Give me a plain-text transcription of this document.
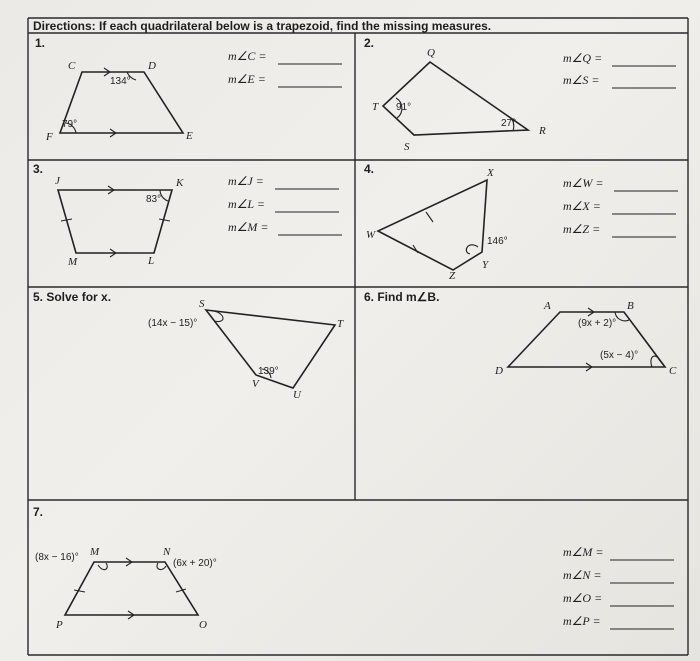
Directions: If each quadrilateral below is a trapezoid, find the missing measures.
1.
C	D
E
F
134°
79°
m∠C =
m∠E =
2.
Q
T
S
R
91°
27°
m∠Q =
m∠S =
3.
J	K
L
M
83°
m∠J =
m∠L =
m∠M =
4.	X
W
Z
Y
146°
m∠W =
m∠X =
m∠Z =
5. Solve for x.	S
T
V
U
(14x − 15)°
139°
6. Find m∠B.
A	B
C
D
(9x + 2)°
(5x − 4)°
7.
M	N
O
P
(8x − 16)°
(6x + 20)°
m∠M =
m∠N =
m∠O =
m∠P =
